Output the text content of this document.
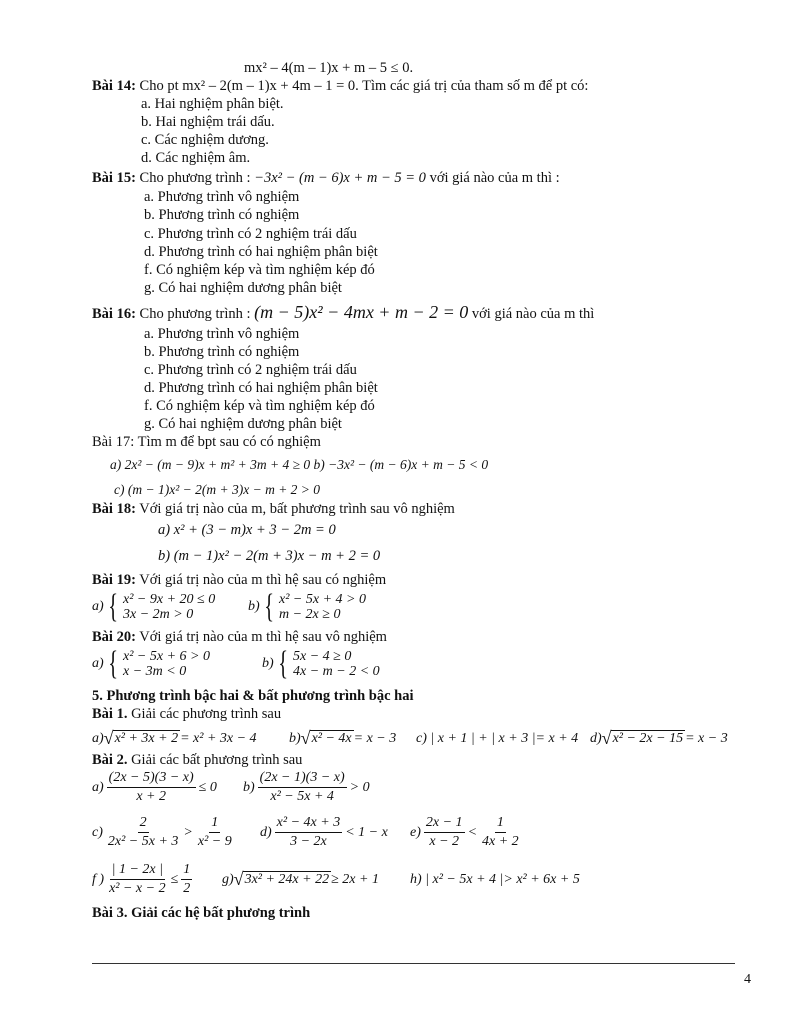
mx² – 4(m – 1)x + m – 5 ≤ 0.
Bài 14: Cho pt mx² – 2(m – 1)x + 4m – 1 = 0. Tìm các giá trị của tham số m để pt có:
a. Hai nghiệm phân biệt.
b. Hai nghiệm trái dấu.
c. Các nghiệm dương.
d. Các nghiệm âm.
Bài 15: Cho phương trình : −3x² − (m − 6)x + m − 5 = 0 với giá nào của m thì :
a. Phương trình vô nghiệm
b. Phương trình có nghiệm
c. Phương trình có 2 nghiệm trái dấu
d. Phương trình có hai nghiệm phân biệt
f. Có nghiệm kép và tìm nghiệm kép đó
g. Có hai nghiệm dương phân biệt
Bài 16: Cho phương trình : (m − 5)x² − 4mx + m − 2 = 0 với giá nào của m thì
a. Phương trình vô nghiệm
b. Phương trình có nghiệm
c. Phương trình có 2 nghiệm trái dấu
d. Phương trình có hai nghiệm phân biệt
f. Có nghiệm kép và tìm nghiệm kép đó
g. Có hai nghiệm dương phân biệt
Bài 17: Tìm m để bpt sau có có nghiệm
a) 2x² − (m − 9)x + m² + 3m + 4 ≥ 0 b) −3x² − (m − 6)x + m − 5 < 0
c) (m − 1)x² − 2(m + 3)x − m + 2 > 0
Bài 18: Với giá trị nào của m, bất phương trình sau vô nghiệm
a) x² + (3 − m)x + 3 − 2m = 0
b) (m − 1)x² − 2(m + 3)x − m + 2 = 0
Bài 19: Với giá trị nào của m thì hệ sau có nghiệm
a) { x² − 9x + 20 ≤ 0
3x − 2m > 0
b) { x² − 5x + 4 > 0
m − 2x ≥ 0
Bài 20: Với giá trị nào của m thì hệ sau vô nghiệm
a) { x² − 5x + 6 > 0
x − 3m < 0
b) { 5x − 4 ≥ 0
4x − m − 2 < 0
5. Phương trình bậc hai & bất phương trình bậc hai
Bài 1. Giải các phương trình sau
a) √ x² + 3x + 2 = x² + 3x − 4 b) √ x² − 4x = x − 3 c) | x + 1 | + | x + 3 |= x + 4 d) √ x² − 2x − 15 = x − 3
Bài 2. Giải các bất phương trình sau
$a) \frac{(2x - 5)(3 - x)}{x + 2} \le 0$ $b) \frac{(2x - 1)(3 - x)}{\text{x² − 5x + 4}} > 0$
$c) \frac{2}{\text{2x² − 5x + 3}} > \frac{1}{\text{x² − 9}} d) \frac{\text{x² − 4x + 3}}{3 - 2x} < 1 - x$ $e) \frac{2x - 1}{x - 2} < \frac{1}{4x + 2}$
f ) $\frac{| 1 - 2x |}{\text{x² − x − 2}} \le \frac{1}{2} g$) √ 3x² + 24x + 22 ≥ 2x + 1 h) | x² − 5x + 4 |> x² + 6x + 5
Bài 3. Giải các hệ bất phương trình
4
